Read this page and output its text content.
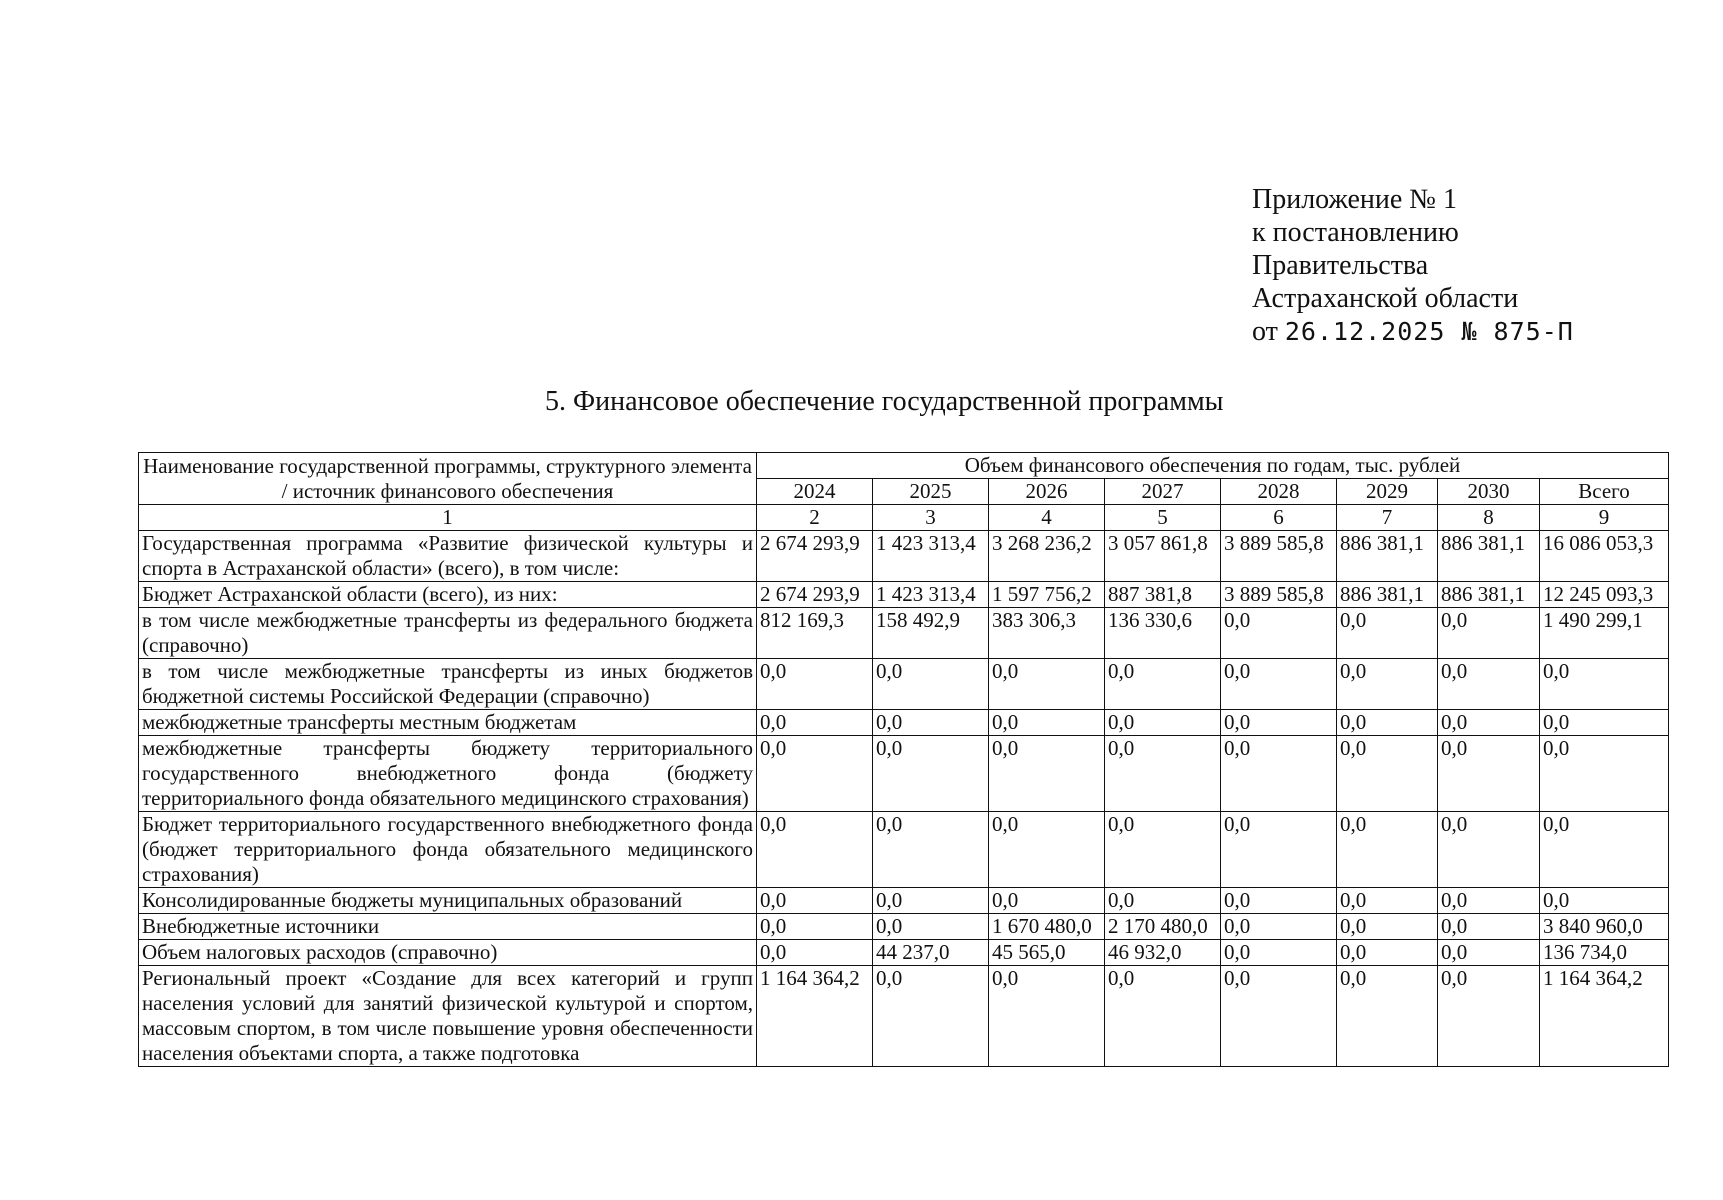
Приложение № 1
к постановлению
Правительства
Астраханской области
от 26.12.2025 № 875-П
5. Финансовое обеспечение государственной программы
Наименование государственной программы, структурного элемента / источник финансового обеспечения	Объем финансового обеспечения по годам, тыс. рублей							
	2024	2025	2026	2027	2028	2029	2030	Всего
1	2	3	4	5	6	7	8	9
Государственная программа «Развитие физической культуры и спорта в Астраханской области» (всего), в том числе:	2 674 293,9	1 423 313,4	3 268 236,2	3 057 861,8	3 889 585,8	886 381,1	886 381,1	16 086 053,3
Бюджет Астраханской области (всего), из них:	2 674 293,9	1 423 313,4	1 597 756,2	887 381,8	3 889 585,8	886 381,1	886 381,1	12 245 093,3
в том числе межбюджетные трансферты из федерального бюджета (справочно)	812 169,3	158 492,9	383 306,3	136 330,6	0,0	0,0	0,0	1 490 299,1
в том числе межбюджетные трансферты из иных бюджетов бюджетной системы Российской Федерации (справочно)	0,0	0,0	0,0	0,0	0,0	0,0	0,0	0,0
межбюджетные трансферты местным бюджетам	0,0	0,0	0,0	0,0	0,0	0,0	0,0	0,0
межбюджетные трансферты бюджету территориального государственного внебюджетного фонда (бюджету территориального фонда обязательного медицинского страхования)	0,0	0,0	0,0	0,0	0,0	0,0	0,0	0,0
Бюджет территориального государственного внебюджетного фонда (бюджет территориального фонда обязательного медицинского страхования)	0,0	0,0	0,0	0,0	0,0	0,0	0,0	0,0
Консолидированные бюджеты муниципальных образований	0,0	0,0	0,0	0,0	0,0	0,0	0,0	0,0
Внебюджетные источники	0,0	0,0	1 670 480,0	2 170 480,0	0,0	0,0	0,0	3 840 960,0
Объем налоговых расходов (справочно)	0,0	44 237,0	45 565,0	46 932,0	0,0	0,0	0,0	136 734,0
Региональный проект «Создание для всех категорий и групп населения условий для занятий физической культурой и спортом, массовым спортом, в том числе повышение уровня обеспеченности населения объектами спорта, а также подготовка	1 164 364,2	0,0	0,0	0,0	0,0	0,0	0,0	1 164 364,2
